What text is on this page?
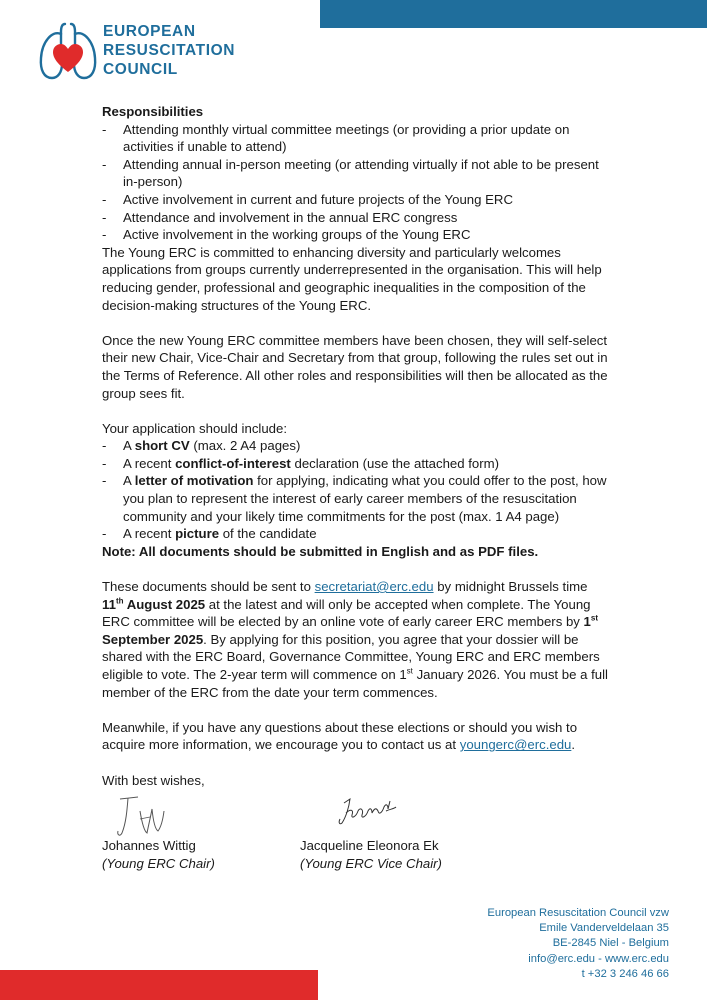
EUROPEAN
RESUSCITATION
COUNCIL

Responsibilities

- Attending monthly virtual committee meetings (or providing a prior update on activities if unable to attend)
- Attending annual in-person meeting (or attending virtually if not able to be present in-person)
- Active involvement in current and future projects of the Young ERC
- Attendance and involvement in the annual ERC congress
- Active involvement in the working groups of the Young ERC

The Young ERC is committed to enhancing diversity and particularly welcomes applications from groups currently underrepresented in the organisation. This will help reducing gender, professional and geographic inequalities in the composition of the decision-making structures of the Young ERC.

Once the new Young ERC committee members have been chosen, they will self-select their new Chair, Vice-Chair and Secretary from that group, following the rules set out in the Terms of Reference. All other roles and responsibilities will then be allocated as the group sees fit.

Your application should include:

- A short CV (max. 2 A4 pages)
- A recent conflict-of-interest declaration (use the attached form)
- A letter of motivation for applying, indicating what you could offer to the post, how you plan to represent the interest of early career members of the resuscitation community and your likely time commitments for the post (max. 1 A4 page)
- A recent picture of the candidate

Note: All documents should be submitted in English and as PDF files.

These documents should be sent to secretariat@erc.edu by midnight Brussels time 11th August 2025 at the latest and will only be accepted when complete. The Young ERC committee will be elected by an online vote of early career ERC members by 1st September 2025. By applying for this position, you agree that your dossier will be shared with the ERC Board, Governance Committee, Young ERC and ERC members eligible to vote. The 2-year term will commence on 1st January 2026. You must be a full member of the ERC from the date your term commences.

Meanwhile, if you have any questions about these elections or should you wish to acquire more information, we encourage you to contact us at youngerc@erc.edu.

With best wishes,

Johannes Wittig
(Young ERC Chair)
Jacqueline Eleonora Ek
(Young ERC Vice Chair)
European Resuscitation Council vzw
Emile Vanderveldelaan 35
BE-2845 Niel - Belgium
info@erc.edu - www.erc.edu
t +32 3 246 46 66
